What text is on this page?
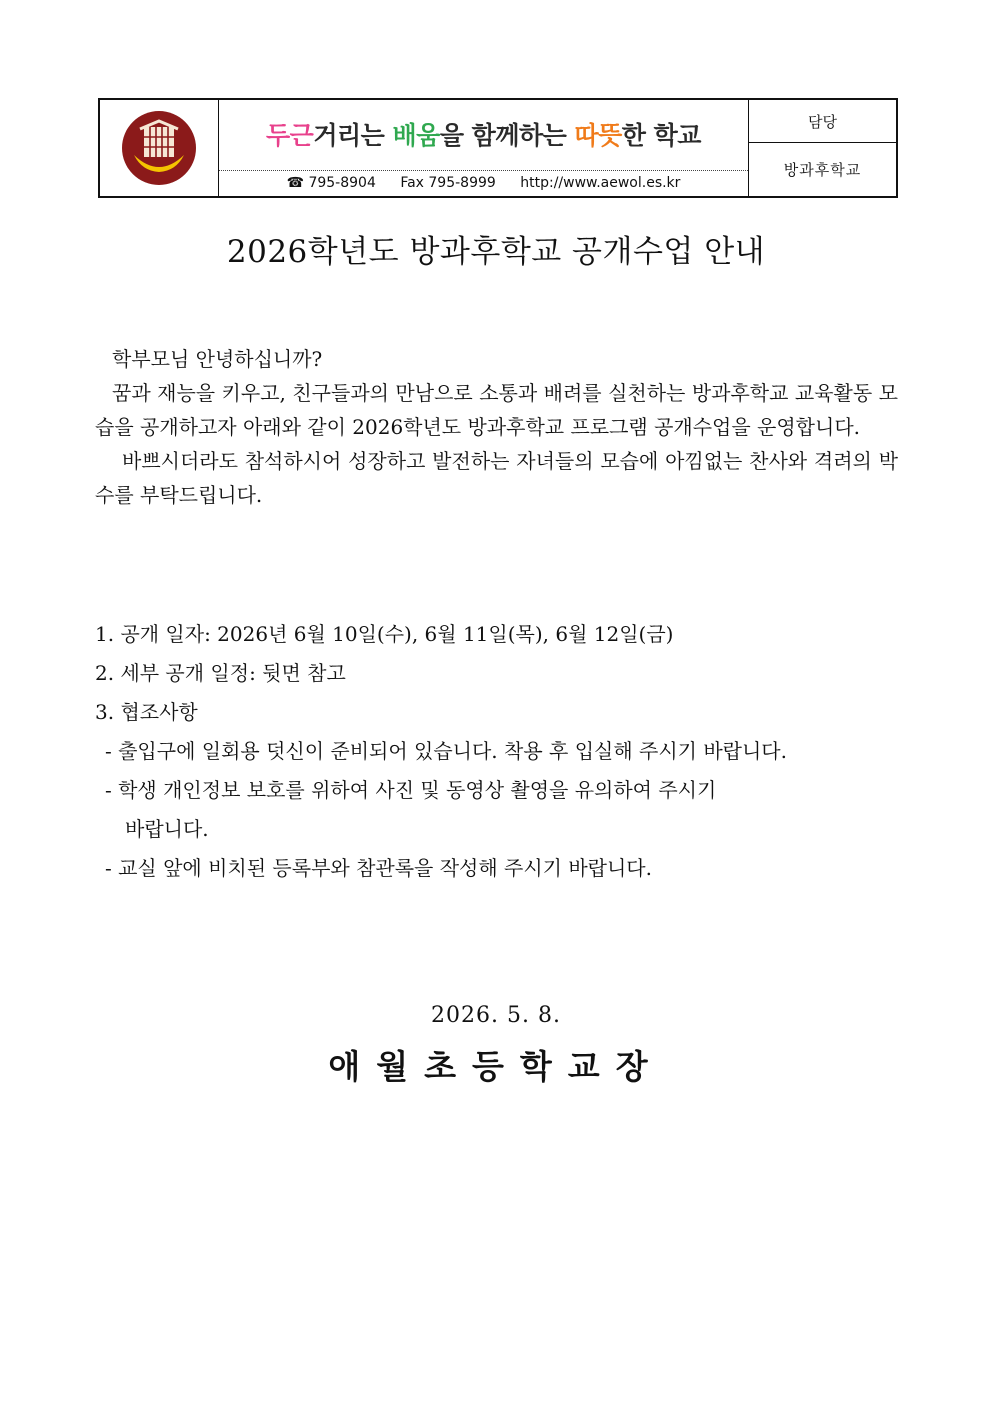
두근거리는 배움을 함께하는 따뜻한 학교
☎ 795-8904 Fax 795-8999 http://www.aewol.es.kr
담당
방과후학교
2026학년도 방과후학교 공개수업 안내

학부모님 안녕하십니까?

꿈과 재능을 키우고, 친구들과의 만남으로 소통과 배려를 실천하는 방과후학교 교육활동 모습을 공개하고자 아래와 같이 2026학년도 방과후학교 프로그램 공개수업을 운영합니다.

바쁘시더라도 참석하시어 성장하고 발전하는 자녀들의 모습에 아낌없는 찬사와 격려의 박수를 부탁드립니다.

1. 공개 일자: 2026년 6월 10일(수), 6월 11일(목), 6월 12일(금)
2. 세부 공개 일정: 뒷면 참고
3. 협조사항
- 출입구에 일회용 덧신이 준비되어 있습니다. 착용 후 입실해 주시기 바랍니다.
- 학생 개인정보 보호를 위하여 사진 및 동영상 촬영을 유의하여 주시기
바랍니다.
- 교실 앞에 비치된 등록부와 참관록을 작성해 주시기 바랍니다.
2026. 5. 8.
애월초등학교장
